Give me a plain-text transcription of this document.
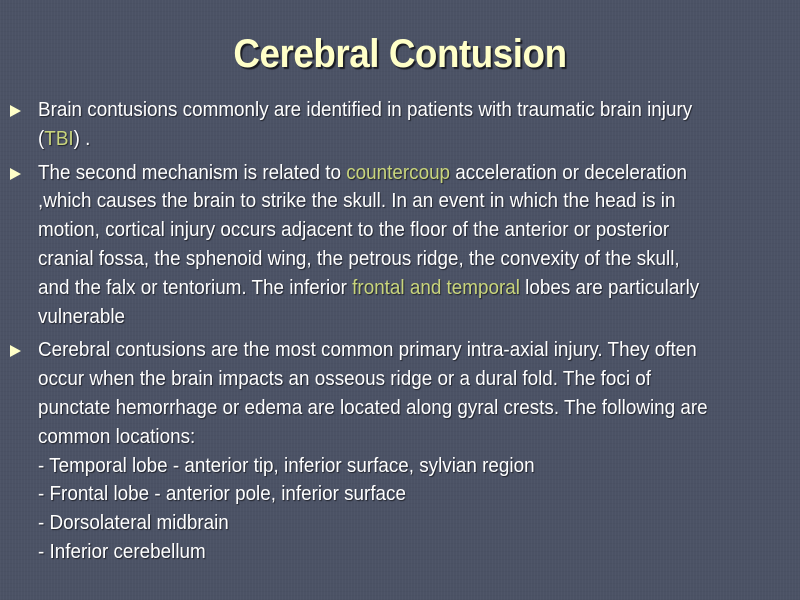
Cerebral Contusion
Brain contusions commonly are identified in patients with traumatic brain injury
(TBI) .
The second mechanism is related to countercoup acceleration or deceleration
,which causes the brain to strike the skull. In an event in which the head is in
motion, cortical injury occurs adjacent to the floor of the anterior or posterior
cranial fossa, the sphenoid wing, the petrous ridge, the convexity of the skull,
and the falx or tentorium. The inferior frontal and temporal lobes are particularly
vulnerable
Cerebral contusions are the most common primary intra-axial injury. They often
occur when the brain impacts an osseous ridge or a dural fold. The foci of
punctate hemorrhage or edema are located along gyral crests. The following are
common locations:
- Temporal lobe - anterior tip, inferior surface, sylvian region
- Frontal lobe - anterior pole, inferior surface
- Dorsolateral midbrain
- Inferior cerebellum
